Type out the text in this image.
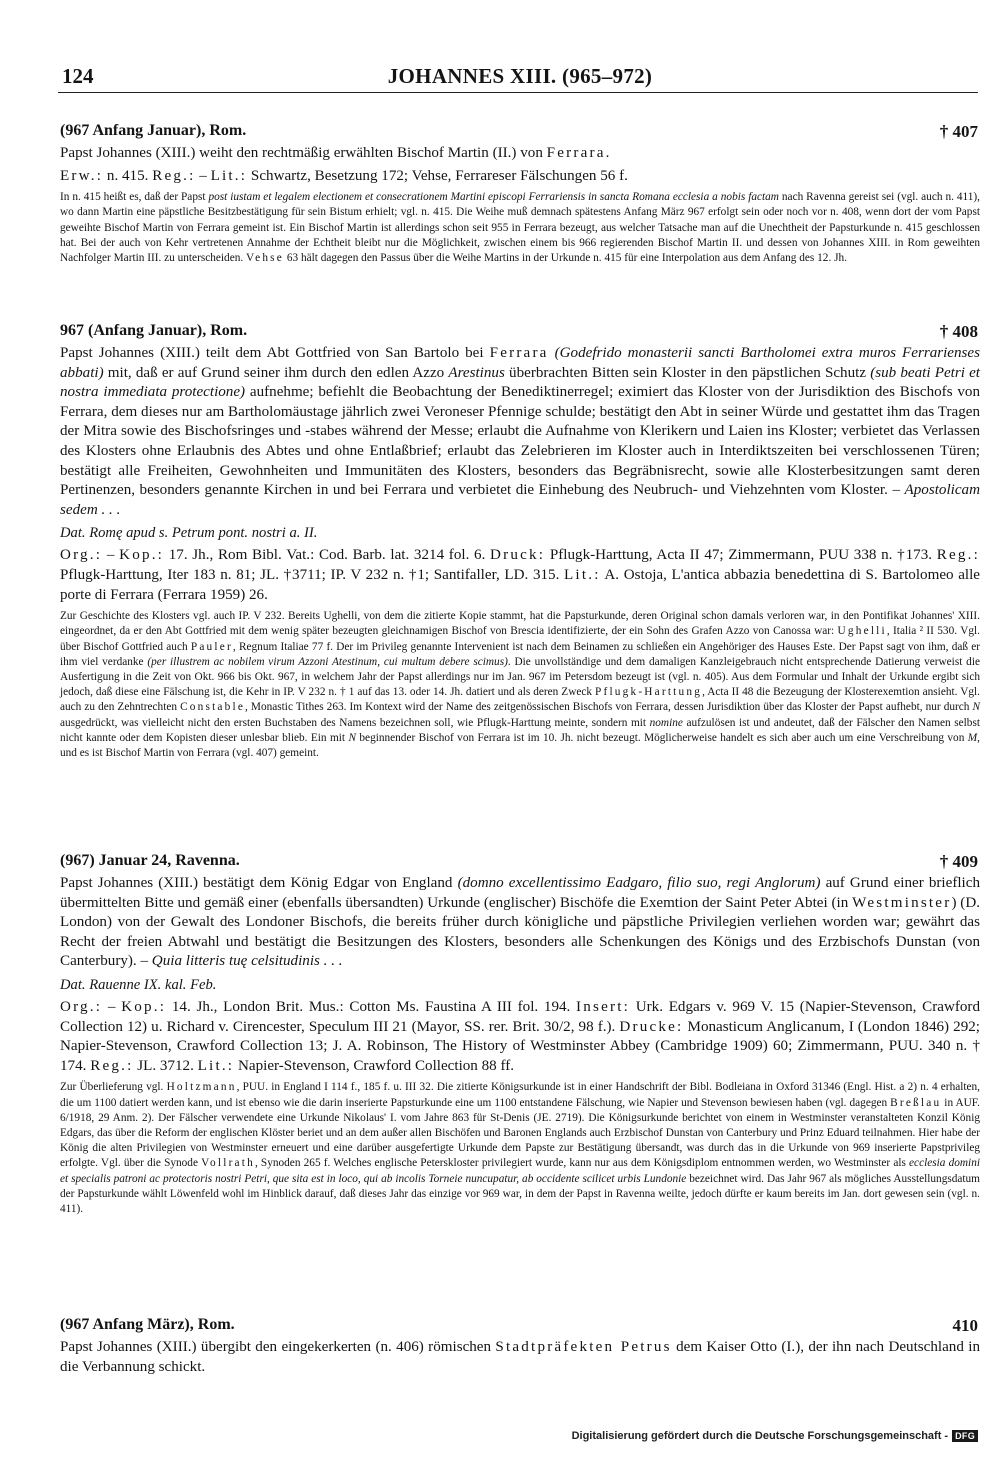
124	JOHANNES XIII. (965–972)
(967 Anfang Januar), Rom.	† 407

Papst Johannes (XIII.) weiht den rechtmäßig erwählten Bischof Martin (II.) von Ferrara.

Erw.: n. 415. Reg.: – Lit.: Schwartz, Besetzung 172; Vehse, Ferrareser Fälschungen 56 f.

In n. 415 heißt es, daß der Papst post iustam et legalem electionem et consecrationem Martini episcopi Ferrariensis in sancta Romana ecclesia a nobis factam nach Ravenna gereist sei (vgl. auch n. 411), wo dann Martin eine päpstliche Besitzbestätigung für sein Bistum erhielt; vgl. n. 415. Die Weihe muß demnach spätestens Anfang März 967 erfolgt sein oder noch vor n. 408, wenn dort der vom Papst geweihte Bischof Martin von Ferrara gemeint ist. Ein Bischof Martin ist allerdings schon seit 955 in Ferrara bezeugt, aus welcher Tatsache man auf die Unechtheit der Papsturkunde n. 415 geschlossen hat. Bei der auch von Kehr vertretenen Annahme der Echtheit bleibt nur die Möglichkeit, zwischen einem bis 966 regierenden Bischof Martin II. und dessen von Johannes XIII. in Rom geweihten Nachfolger Martin III. zu unterscheiden. Vehse 63 hält dagegen den Passus über die Weihe Martins in der Urkunde n. 415 für eine Interpolation aus dem Anfang des 12. Jh.

967 (Anfang Januar), Rom.	† 408

Papst Johannes (XIII.) teilt dem Abt Gottfried von San Bartolo bei Ferrara (Godefrido monasterii sancti Bartholomei extra muros Ferrarienses abbati) mit, daß er auf Grund seiner ihm durch den edlen Azzo Arestinus überbrachten Bitten sein Kloster in den päpstlichen Schutz (sub beati Petri et nostra immediata protectione) aufnehme; befiehlt die Beobachtung der Benediktinerregel; eximiert das Kloster von der Jurisdiktion des Bischofs von Ferrara, dem dieses nur am Bartholomäustage jährlich zwei Veroneser Pfennige schulde; bestätigt den Abt in seiner Würde und gestattet ihm das Tragen der Mitra sowie des Bischofsringes und -stabes während der Messe; erlaubt die Aufnahme von Klerikern und Laien ins Kloster; verbietet das Verlassen des Klosters ohne Erlaubnis des Abtes und ohne Entlaßbrief; erlaubt das Zelebrieren im Kloster auch in Interdiktszeiten bei verschlossenen Türen; bestätigt alle Freiheiten, Gewohnheiten und Immunitäten des Klosters, besonders das Begräbnisrecht, sowie alle Klosterbesitzungen samt deren Pertinenzen, besonders genannte Kirchen in und bei Ferrara und verbietet die Einhebung des Neubruch- und Viehzehnten vom Kloster. – Apostolicam sedem . . .

Dat. Romę apud s. Petrum pont. nostri a. II.

Org.: – Kop.: 17. Jh., Rom Bibl. Vat.: Cod. Barb. lat. 3214 fol. 6. Druck: Pflugk-Harttung, Acta II 47; Zimmermann, PUU 338 n. †173. Reg.: Pflugk-Harttung, Iter 183 n. 81; JL. †3711; IP. V 232 n. †1; Santifaller, LD. 315. Lit.: A. Ostoja, L'antica abbazia benedettina di S. Bartolomeo alle porte di Ferrara (Ferrara 1959) 26.

Zur Geschichte des Klosters vgl. auch IP. V 232. Bereits Ughelli, von dem die zitierte Kopie stammt, hat die Papsturkunde, deren Original schon damals verloren war, in den Pontifikat Johannes' XIII. eingeordnet, da er den Abt Gottfried mit dem wenig später bezeugten gleichnamigen Bischof von Brescia identifizierte, der ein Sohn des Grafen Azzo von Canossa war: Ughelli, Italia ² II 530. Vgl. über Bischof Gottfried auch Pauler, Regnum Italiae 77 f. Der im Privileg genannte Intervenient ist nach dem Beinamen zu schließen ein Angehöriger des Hauses Este. Der Papst sagt von ihm, daß er ihm viel verdanke (per illustrem ac nobilem virum Azzoni Atestinum, cui multum debere scimus). Die unvollständige und dem damaligen Kanzleigebrauch nicht entsprechende Datierung verweist die Ausfertigung in die Zeit von Okt. 966 bis Okt. 967, in welchem Jahr der Papst allerdings nur im Jan. 967 im Petersdom bezeugt ist (vgl. n. 405). Aus dem Formular und Inhalt der Urkunde ergibt sich jedoch, daß diese eine Fälschung ist, die Kehr in IP. V 232 n. † 1 auf das 13. oder 14. Jh. datiert und als deren Zweck Pflugk-Harttung, Acta II 48 die Bezeugung der Klosterexemtion ansieht. Vgl. auch zu den Zehntrechten Constable, Monastic Tithes 263. Im Kontext wird der Name des zeitgenössischen Bischofs von Ferrara, dessen Jurisdiktion über das Kloster der Papst aufhebt, nur durch N ausgedrückt, was vielleicht nicht den ersten Buchstaben des Namens bezeichnen soll, wie Pflugk-Harttung meinte, sondern mit nomine aufzulösen ist und andeutet, daß der Fälscher den Namen selbst nicht kannte oder dem Kopisten dieser unlesbar blieb. Ein mit N beginnender Bischof von Ferrara ist im 10. Jh. nicht bezeugt. Möglicherweise handelt es sich aber auch um eine Verschreibung von M, und es ist Bischof Martin von Ferrara (vgl. 407) gemeint.

(967) Januar 24, Ravenna.	† 409

Papst Johannes (XIII.) bestätigt dem König Edgar von England (domno excellentissimo Eadgaro, filio suo, regi Anglorum) auf Grund einer brieflich übermittelten Bitte und gemäß einer (ebenfalls übersandten) Urkunde (englischer) Bischöfe die Exemtion der Saint Peter Abtei (in Westminster) (D. London) von der Gewalt des Londoner Bischofs, die bereits früher durch königliche und päpstliche Privilegien verliehen worden war; gewährt das Recht der freien Abtwahl und bestätigt die Besitzungen des Klosters, besonders alle Schenkungen des Königs und des Erzbischofs Dunstan (von Canterbury). – Quia litteris tuę celsitudinis . . .

Dat. Rauenne IX. kal. Feb.

Org.: – Kop.: 14. Jh., London Brit. Mus.: Cotton Ms. Faustina A III fol. 194. Insert: Urk. Edgars v. 969 V. 15 (Napier-Stevenson, Crawford Collection 12) u. Richard v. Cirencester, Speculum III 21 (Mayor, SS. rer. Brit. 30/2, 98 f.). Drucke: Monasticum Anglicanum, I (London 1846) 292; Napier-Stevenson, Crawford Collection 13; J. A. Robinson, The History of Westminster Abbey (Cambridge 1909) 60; Zimmermann, PUU. 340 n. † 174. Reg.: JL. 3712. Lit.: Napier-Stevenson, Crawford Collection 88 ff.

Zur Überlieferung vgl. Holtzmann, PUU. in England I 114 f., 185 f. u. III 32. Die zitierte Königsurkunde ist in einer Handschrift der Bibl. Bodleiana in Oxford 31346 (Engl. Hist. a 2) n. 4 erhalten, die um 1100 datiert werden kann, und ist ebenso wie die darin inserierte Papsturkunde eine um 1100 entstandene Fälschung, wie Napier und Stevenson bewiesen haben (vgl. dagegen Breßlau in AUF. 6/1918, 29 Anm. 2). Der Fälscher verwendete eine Urkunde Nikolaus' I. vom Jahre 863 für St-Denis (JE. 2719). Die Königsurkunde berichtet von einem in Westminster veranstalteten Konzil König Edgars, das über die Reform der englischen Klöster beriet und an dem außer allen Bischöfen und Baronen Englands auch Erzbischof Dunstan von Canterbury und Prinz Eduard teilnahmen. Hier habe der König die alten Privilegien von Westminster erneuert und eine darüber ausgefertigte Urkunde dem Papste zur Bestätigung übersandt, was durch das in die Urkunde von 969 inserierte Papstprivileg erfolgte. Vgl. über die Synode Vollrath, Synoden 265 f. Welches englische Peterskloster privilegiert wurde, kann nur aus dem Königsdiplom entnommen werden, wo Westminster als ecclesia domini et specialis patroni ac protectoris nostri Petri, que sita est in loco, qui ab incolis Torneie nuncupatur, ab occidente scilicet urbis Lundonie bezeichnet wird. Das Jahr 967 als mögliches Ausstellungsdatum der Papsturkunde wählt Löwenfeld wohl im Hinblick darauf, daß dieses Jahr das einzige vor 969 war, in dem der Papst in Ravenna weilte, jedoch dürfte er kaum bereits im Jan. dort gewesen sein (vgl. n. 411).

(967 Anfang März), Rom.	410

Papst Johannes (XIII.) übergibt den eingekerkerten (n. 406) römischen Stadtpräfekten Petrus dem Kaiser Otto (I.), der ihn nach Deutschland in die Verbannung schickt.

Digitalisierung gefördert durch die Deutsche Forschungsgemeinschaft - DFG
